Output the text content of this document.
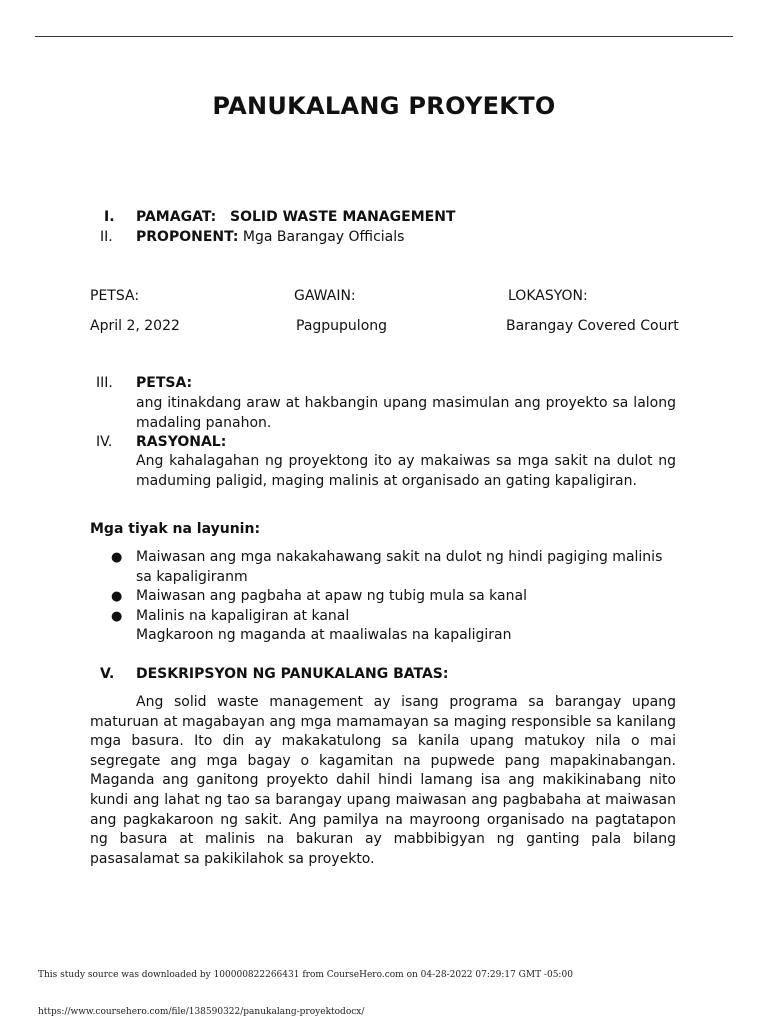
PANUKALANG PROYEKTO
I. PAMAGAT: SOLID WASTE MANAGEMENT
II. PROPONENT: Mga Barangay Officials
PETSA:	GAWAIN:	LOKASYON:
April 2, 2022	Pagpupulong	Barangay Covered Court
III. PETSA:
ang itinakdang araw at hakbangin upang masimulan ang proyekto sa lalong madaling panahon.
IV. RASYONAL:
Ang kahalagahan ng proyektong ito ay makaiwas sa mga sakit na dulot ng maduming paligid, maging malinis at organisado an gating kapaligiran.
Mga tiyak na layunin:
● Maiwasan ang mga nakakahawang sakit na dulot ng hindi pagiging malinis sa kapaligiranm
● Maiwasan ang pagbaha at apaw ng tubig mula sa kanal
● Malinis na kapaligiran at kanal
Magkaroon ng maganda at maaliwalas na kapaligiran
V. DESKRIPSYON NG PANUKALANG BATAS:

Ang solid waste management ay isang programa sa barangay upang maturuan at magabayan ang mga mamamayan sa maging responsible sa kanilang mga basura. Ito din ay makakatulong sa kanila upang matukoy nila o mai segregate ang mga bagay o kagamitan na pupwede pang mapakinabangan. Maganda ang ganitong proyekto dahil hindi lamang isa ang makikinabang nito kundi ang lahat ng tao sa barangay upang maiwasan ang pagbabaha at maiwasan ang pagkakaroon ng sakit. Ang pamilya na mayroong organisado na pagtatapon ng basura at malinis na bakuran ay mabbibigyan ng ganting pala bilang pasasalamat sa pakikilahok sa proyekto.

This study source was downloaded by 100000822266431 from CourseHero.com on 04-28-2022 07:29:17 GMT -05:00
https://www.coursehero.com/file/138590322/panukalang-proyektodocx/
